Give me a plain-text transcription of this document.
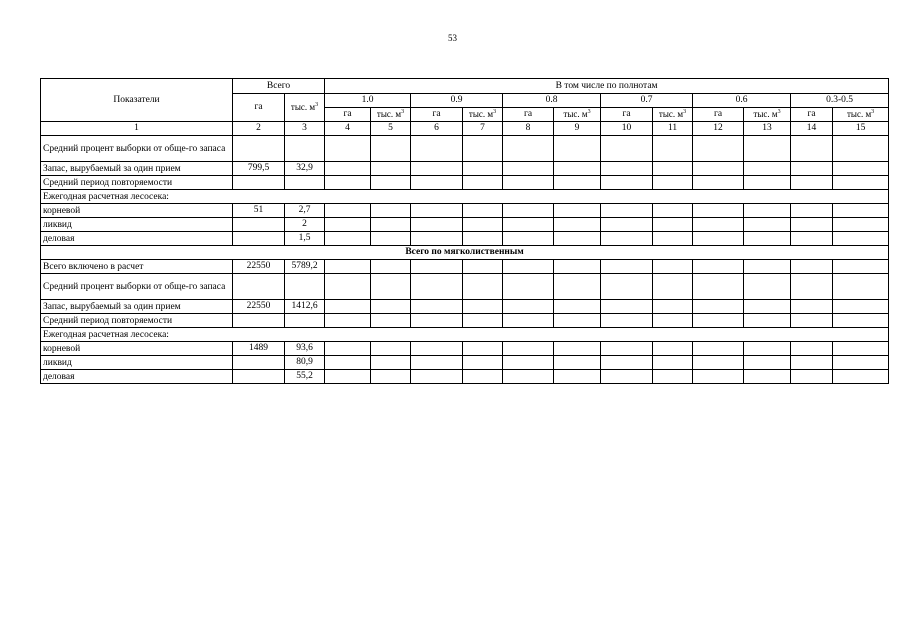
53
Показатели	Всего		В том числе по полнотам											
	га	тыс. $м^3$	1.0		0.9		0.8		0.7		0.6		0.3-0.5	
			га	тыс. $м^3$	га	тыс. $м^3$	га	тыс. $м^3$	га	тыс. $м^3$	га	тыс. $м^3$	га	тыс. $м^3$
1	2	3	4	5	6	7	8	9	10	11	12	13	14	15
Средний процент выборки от обще-го запаса														
Запас, вырубаемый за один прием	799,5	32,9												
Средний период повторяемости														
Ежегодная расчетная лесосека:														
корневой	51	2,7												
ликвид		2												
деловая		1,5												
Всего по мягколиственным														
Всего включено в расчет	22550	5789,2												
Средний процент выборки от обще-го запаса														
Запас, вырубаемый за один прием	22550	1412,6												
Средний период повторяемости														
Ежегодная расчетная лесосека:														
корневой	1489	93,6												
ликвид		80,9												
деловая		55,2												
